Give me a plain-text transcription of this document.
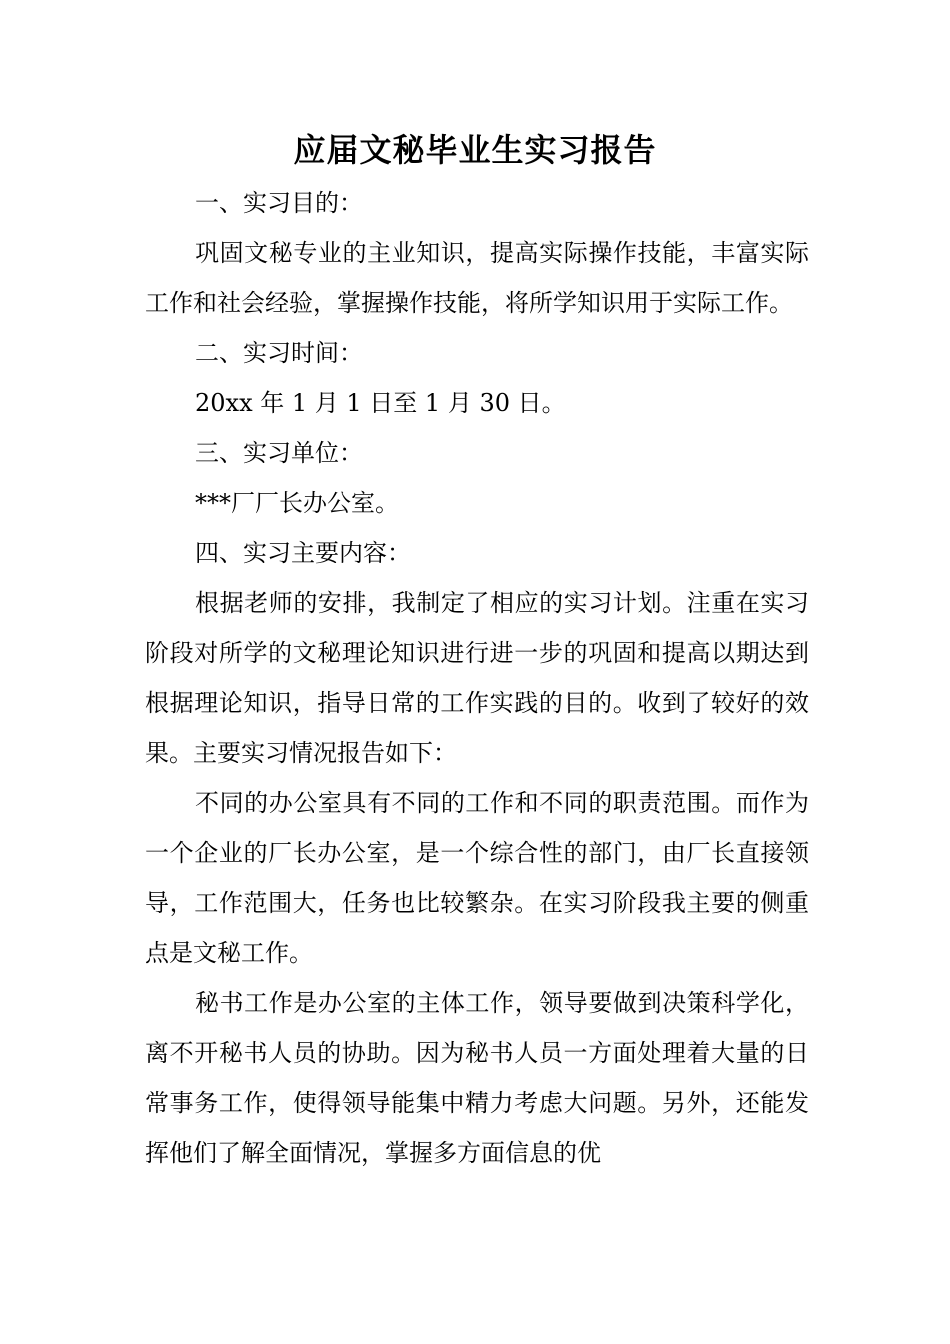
应届文秘毕业生实习报告

一、实习目的：

巩固文秘专业的主业知识，提高实际操作技能，丰富实际工作和社会经验，掌握操作技能，将所学知识用于实际工作。

二、实习时间：

20xx 年 1 月 1 日至 1 月 30 日。

三、实习单位：

***厂厂长办公室。

四、实习主要内容：

根据老师的安排，我制定了相应的实习计划。注重在实习阶段对所学的文秘理论知识进行进一步的巩固和提高以期达到根据理论知识，指导日常的工作实践的目的。收到了较好的效果。主要实习情况报告如下：

不同的办公室具有不同的工作和不同的职责范围。而作为一个企业的厂长办公室，是一个综合性的部门，由厂长直接领导，工作范围大，任务也比较繁杂。在实习阶段我主要的侧重点是文秘工作。

秘书工作是办公室的主体工作，领导要做到决策科学化，离不开秘书人员的协助。因为秘书人员一方面处理着大量的日常事务工作，使得领导能集中精力考虑大问题。另外，还能发挥他们了解全面情况，掌握多方面信息的优
